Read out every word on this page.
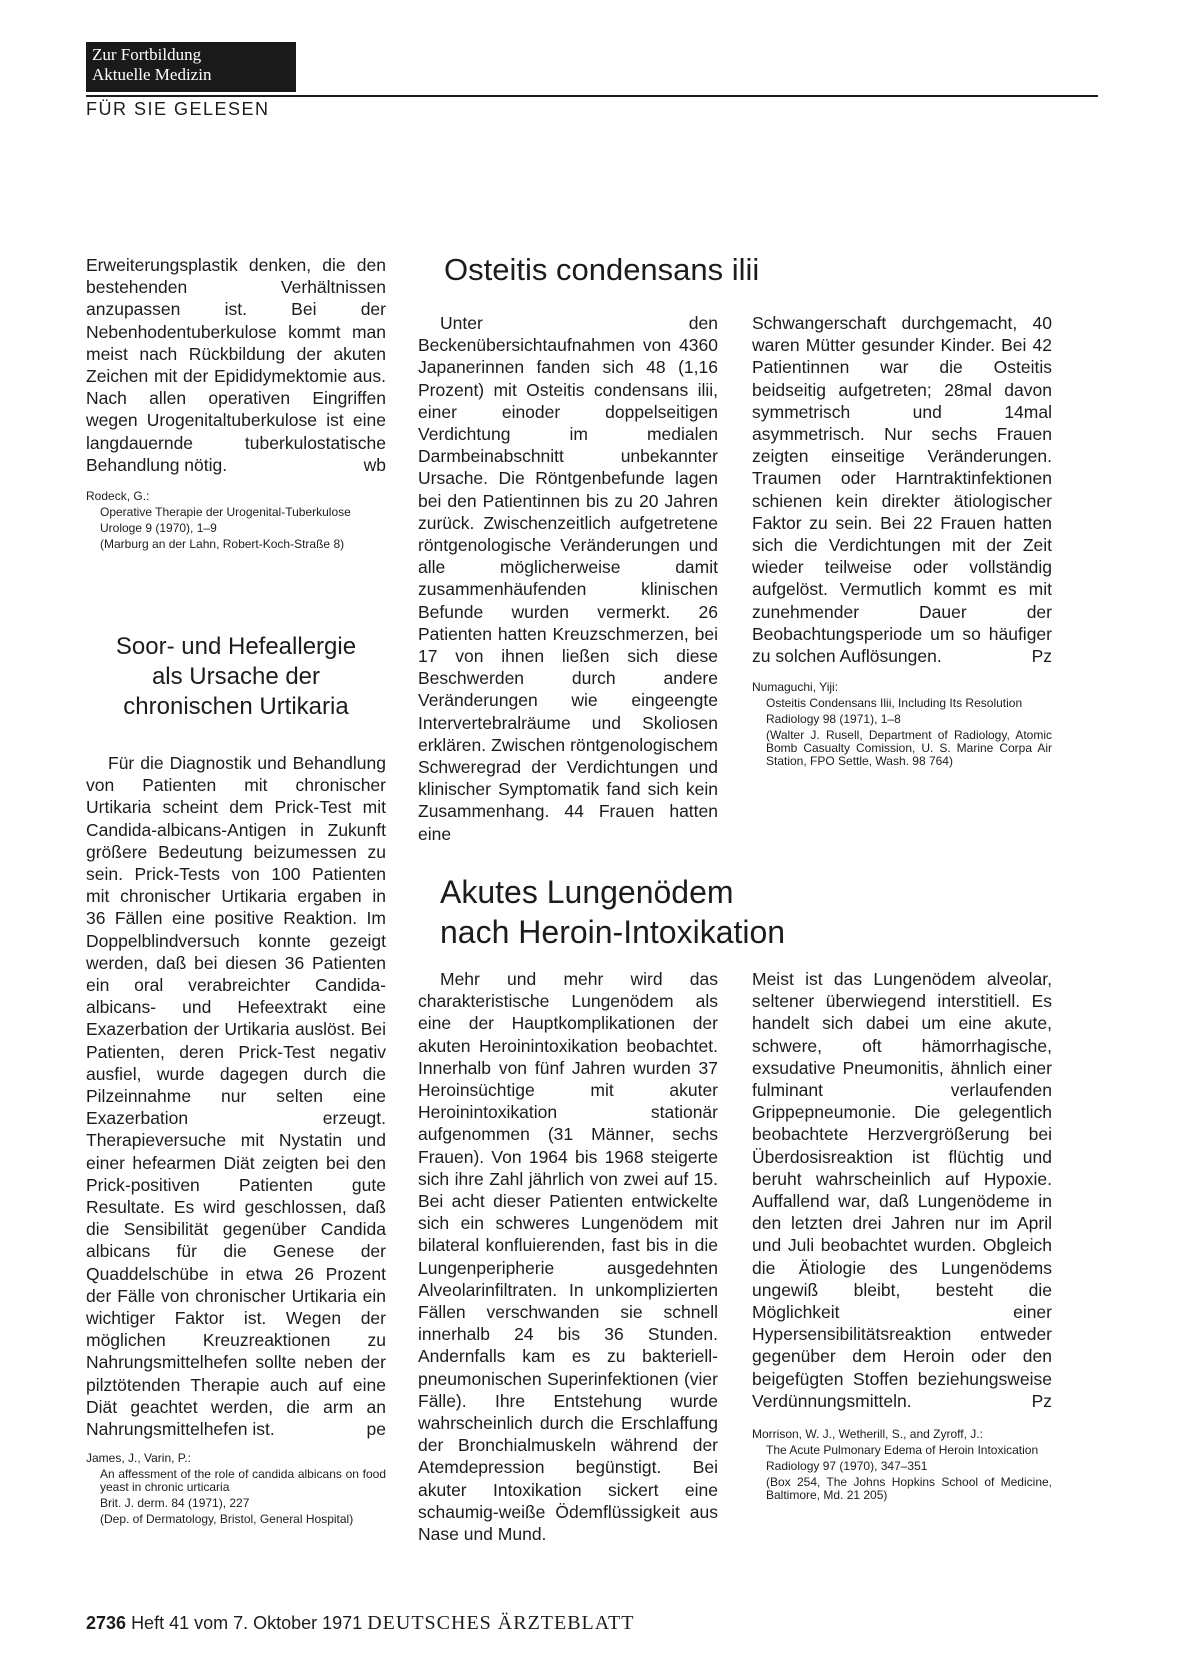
Zur Fortbildung
Aktuelle Medizin
FÜR SIE GELESEN

Erweiterungsplastik denken, die den bestehenden Verhältnissen anzupassen ist. Bei der Nebenhodentuberkulose kommt man meist nach Rückbildung der akuten Zeichen mit der Epididymektomie aus. Nach allen operativen Eingriffen wegen Urogenitaltuberkulose ist eine langdauernde tuberkulostatische Behandlung nötig.	wb

Rodeck, G.:
Operative Therapie der Urogenital-Tuberkulose
Urologe 9 (1970), 1–9
(Marburg an der Lahn, Robert-Koch-Straße 8)
Soor- und Hefeallergie
als Ursache der
chronischen Urtikaria

Für die Diagnostik und Behandlung von Patienten mit chronischer Urtikaria scheint dem Prick-Test mit Candida-albicans-Antigen in Zukunft größere Bedeutung beizumessen zu sein. Prick-Tests von 100 Patienten mit chronischer Urtikaria ergaben in 36 Fällen eine positive Reaktion. Im Doppelblindversuch konnte gezeigt werden, daß bei diesen 36 Patienten ein oral verabreichter Candida-albicans- und Hefeextrakt eine Exazerbation der Urtikaria auslöst. Bei Patienten, deren Prick-Test negativ ausfiel, wurde dagegen durch die Pilzeinnahme nur selten eine Exazerbation erzeugt. Therapieversuche mit Nystatin und einer hefearmen Diät zeigten bei den Prick-positiven Patienten gute Resultate. Es wird geschlossen, daß die Sensibilität gegenüber Candida albicans für die Genese der Quaddelschübe in etwa 26 Prozent der Fälle von chronischer Urtikaria ein wichtiger Faktor ist. Wegen der möglichen Kreuzreaktionen zu Nahrungsmittelhefen sollte neben der pilztötenden Therapie auch auf eine Diät geachtet werden, die arm an Nahrungsmittelhefen ist.	pe

James, J., Varin, P.:
An affessment of the role of candida albicans on food yeast in chronic urticaria
Brit. J. derm. 84 (1971), 227
(Dep. of Dermatology, Bristol, General Hospital)
Osteitis condensans ilii

Unter den Beckenübersichtaufnahmen von 4360 Japanerinnen fanden sich 48 (1,16 Prozent) mit Osteitis condensans ilii, einer einoder doppelseitigen Verdichtung im medialen Darmbeinabschnitt unbekannter Ursache. Die Röntgenbefunde lagen bei den Patientinnen bis zu 20 Jahren zurück. Zwischenzeitlich aufgetretene röntgenologische Veränderungen und alle möglicherweise damit zusammenhäufenden klinischen Befunde wurden vermerkt. 26 Patienten hatten Kreuzschmerzen, bei 17 von ihnen ließen sich diese Beschwerden durch andere Veränderungen wie eingeengte Intervertebralräume und Skoliosen erklären. Zwischen röntgenologischem Schweregrad der Verdichtungen und klinischer Symptomatik fand sich kein Zusammenhang. 44 Frauen hatten eine

Schwangerschaft durchgemacht, 40 waren Mütter gesunder Kinder. Bei 42 Patientinnen war die Osteitis beidseitig aufgetreten; 28mal davon symmetrisch und 14mal asymmetrisch. Nur sechs Frauen zeigten einseitige Veränderungen. Traumen oder Harntraktinfektionen schienen kein direkter ätiologischer Faktor zu sein. Bei 22 Frauen hatten sich die Verdichtungen mit der Zeit wieder teilweise oder vollständig aufgelöst. Vermutlich kommt es mit zunehmender Dauer der Beobachtungsperiode um so häufiger zu solchen Auflösungen.	Pz

Numaguchi, Yiji:
Osteitis Condensans Ilii, Including Its Resolution
Radiology 98 (1971), 1–8
(Walter J. Rusell, Department of Radiology, Atomic Bomb Casualty Comission, U. S. Marine Corpa Air Station, FPO Settle, Wash. 98 764)
Akutes Lungenödem
nach Heroin-Intoxikation

Mehr und mehr wird das charakteristische Lungenödem als eine der Hauptkomplikationen der akuten Heroinintoxikation beobachtet. Innerhalb von fünf Jahren wurden 37 Heroinsüchtige mit akuter Heroinintoxikation stationär aufgenommen (31 Männer, sechs Frauen). Von 1964 bis 1968 steigerte sich ihre Zahl jährlich von zwei auf 15. Bei acht dieser Patienten entwickelte sich ein schweres Lungenödem mit bilateral konfluierenden, fast bis in die Lungenperipherie ausgedehnten Alveolarinfiltraten. In unkomplizierten Fällen verschwanden sie schnell innerhalb 24 bis 36 Stunden. Andernfalls kam es zu bakteriell-pneumonischen Superinfektionen (vier Fälle). Ihre Entstehung wurde wahrscheinlich durch die Erschlaffung der Bronchialmuskeln während der Atemdepression begünstigt. Bei akuter Intoxikation sickert eine schaumig-weiße Ödemflüssigkeit aus Nase und Mund.

Meist ist das Lungenödem alveolar, seltener überwiegend interstitiell. Es handelt sich dabei um eine akute, schwere, oft hämorrhagische, exsudative Pneumonitis, ähnlich einer fulminant verlaufenden Grippepneumonie. Die gelegentlich beobachtete Herzvergrößerung bei Überdosisreaktion ist flüchtig und beruht wahrscheinlich auf Hypoxie. Auffallend war, daß Lungenödeme in den letzten drei Jahren nur im April und Juli beobachtet wurden. Obgleich die Ätiologie des Lungenödems ungewiß bleibt, besteht die Möglichkeit einer Hypersensibilitätsreaktion entweder gegenüber dem Heroin oder den beigefügten Stoffen beziehungsweise Verdünnungsmitteln.	Pz

Morrison, W. J., Wetherill, S., and Zyroff, J.:
The Acute Pulmonary Edema of Heroin Intoxication
Radiology 97 (1970), 347–351
(Box 254, The Johns Hopkins School of Medicine, Baltimore, Md. 21 205)
2736 Heft 41 vom 7. Oktober 1971 DEUTSCHES ÄRZTEBLATT
